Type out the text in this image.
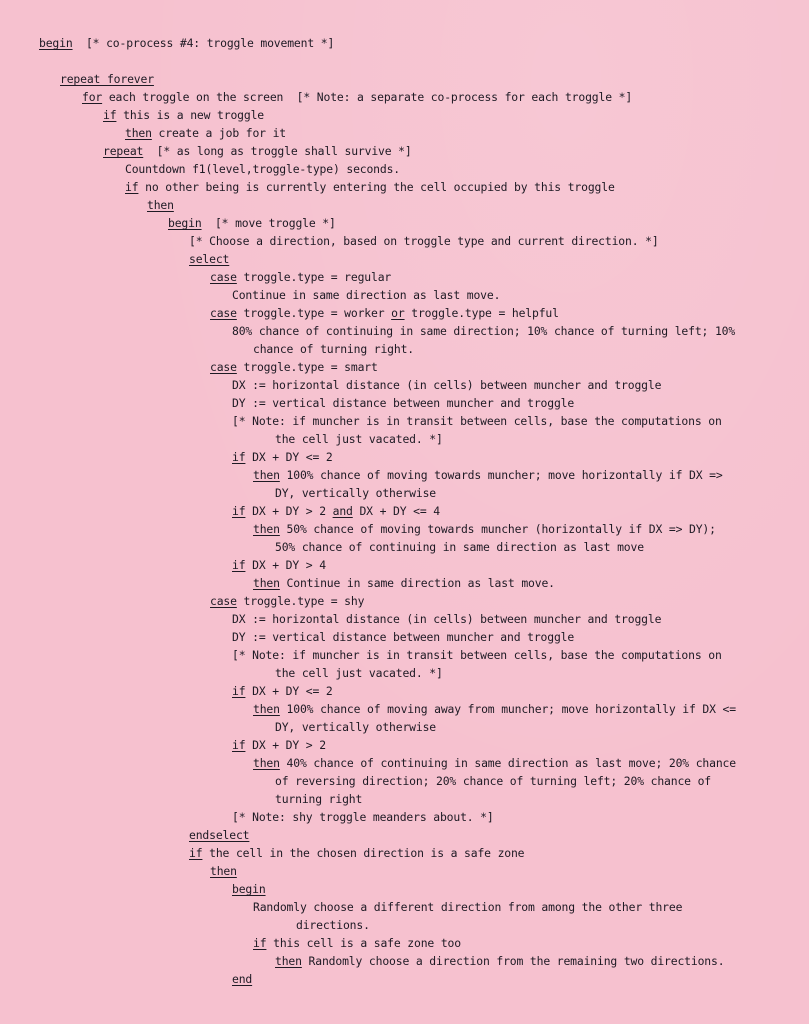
begin  [* co-process #4: troggle movement *]
repeat forever
for each troggle on the screen  [* Note: a separate co-process for each troggle *]
if this is a new troggle
then create a job for it
repeat  [* as long as troggle shall survive *]
Countdown f1(level,troggle-type) seconds.
if no other being is currently entering the cell occupied by this troggle
then
begin  [* move troggle *]
[* Choose a direction, based on troggle type and current direction. *]
select
case troggle.type = regular
Continue in same direction as last move.
case troggle.type = worker or troggle.type = helpful
80% chance of continuing in same direction; 10% chance of turning left; 10%
chance of turning right.
case troggle.type = smart
DX := horizontal distance (in cells) between muncher and troggle
DY := vertical distance between muncher and troggle
[* Note: if muncher is in transit between cells, base the computations on
the cell just vacated. *]
if DX + DY <= 2
then 100% chance of moving towards muncher; move horizontally if DX =>
DY, vertically otherwise
if DX + DY > 2 and DX + DY <= 4
then 50% chance of moving towards muncher (horizontally if DX => DY);
50% chance of continuing in same direction as last move
if DX + DY > 4
then Continue in same direction as last move.
case troggle.type = shy
DX := horizontal distance (in cells) between muncher and troggle
DY := vertical distance between muncher and troggle
[* Note: if muncher is in transit between cells, base the computations on
the cell just vacated. *]
if DX + DY <= 2
then 100% chance of moving away from muncher; move horizontally if DX <=
DY, vertically otherwise
if DX + DY > 2
then 40% chance of continuing in same direction as last move; 20% chance
of reversing direction; 20% chance of turning left; 20% chance of
turning right
[* Note: shy troggle meanders about. *]
endselect
if the cell in the chosen direction is a safe zone
then
begin
Randomly choose a different direction from among the other three
directions.
if this cell is a safe zone too
then Randomly choose a direction from the remaining two directions.
end
